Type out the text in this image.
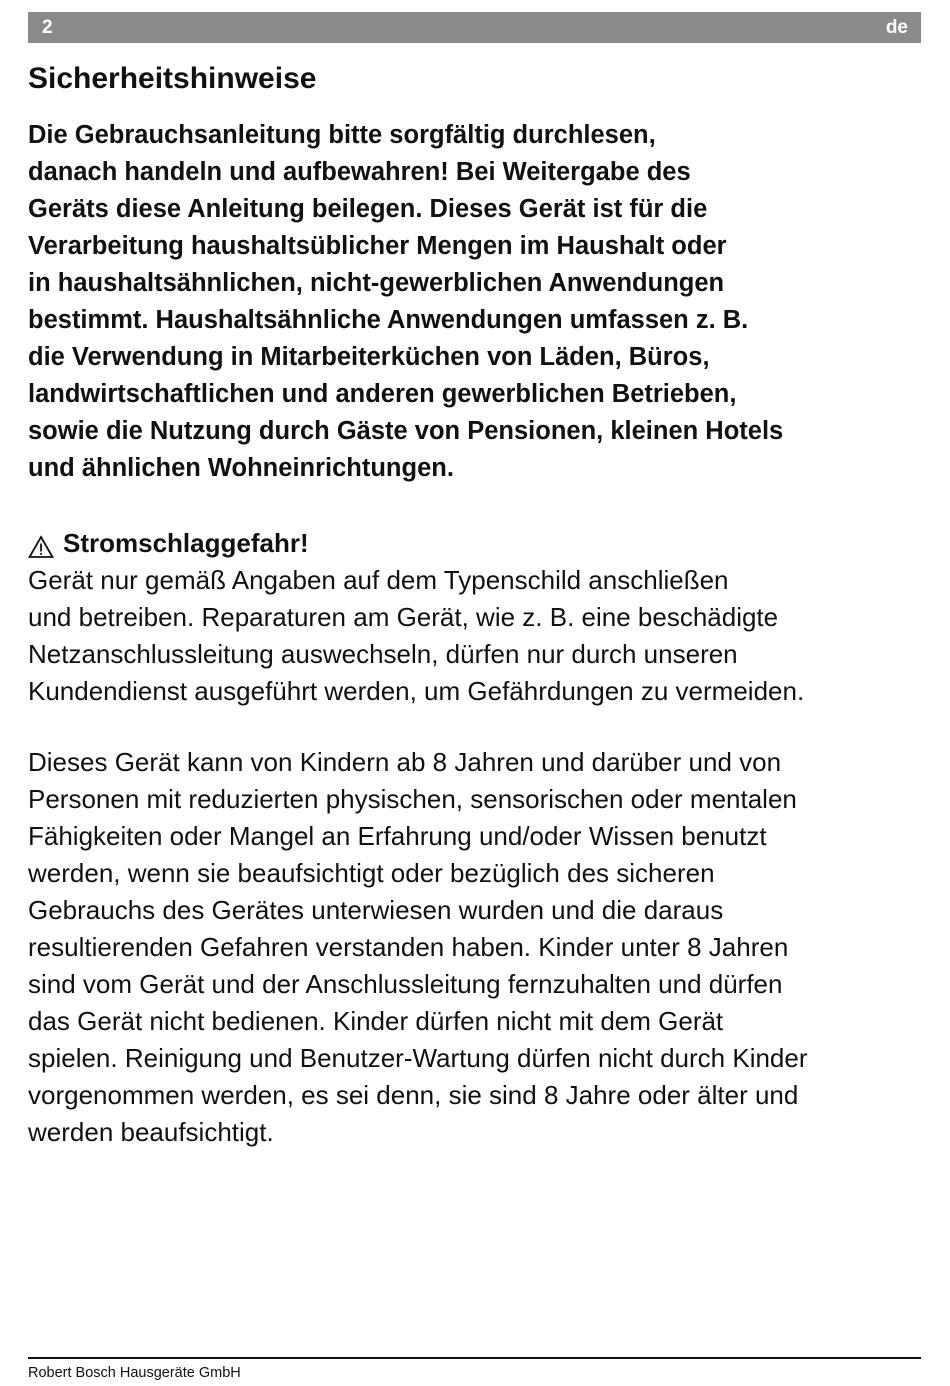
2	de
Sicherheitshinweise

Die Gebrauchsanleitung bitte sorgfältig durchlesen,
danach handeln und aufbewahren! Bei Weitergabe des
Geräts diese Anleitung beilegen. Dieses Gerät ist für die
Verarbeitung haushaltsüblicher Mengen im Haushalt oder
in haushaltsähnlichen, nicht-gewerblichen Anwendungen
bestimmt. Haushaltsähnliche Anwendungen umfassen z. B.
die Verwendung in Mitarbeiterküchen von Läden, Büros,
landwirtschaftlichen und anderen gewerblichen Betrieben,
sowie die Nutzung durch Gäste von Pensionen, kleinen Hotels
und ähnlichen Wohneinrichtungen.

Stromschlaggefahr!

Gerät nur gemäß Angaben auf dem Typenschild anschließen
und betreiben. Reparaturen am Gerät, wie z. B. eine beschädigte
Netzanschlussleitung auswechseln, dürfen nur durch unseren
Kundendienst ausgeführt werden, um Gefährdungen zu vermeiden.

Dieses Gerät kann von Kindern ab 8 Jahren und darüber und von
Personen mit reduzierten physischen, sensorischen oder mentalen
Fähigkeiten oder Mangel an Erfahrung und/oder Wissen benutzt
werden, wenn sie beaufsichtigt oder bezüglich des sicheren
Gebrauchs des Gerätes unterwiesen wurden und die daraus
resultierenden Gefahren verstanden haben. Kinder unter 8 Jahren
sind vom Gerät und der Anschlussleitung fernzuhalten und dürfen
das Gerät nicht bedienen. Kinder dürfen nicht mit dem Gerät
spielen. Reinigung und Benutzer-Wartung dürfen nicht durch Kinder
vorgenommen werden, es sei denn, sie sind 8 Jahre oder älter und
werden beaufsichtigt.

Robert Bosch Hausgeräte GmbH
